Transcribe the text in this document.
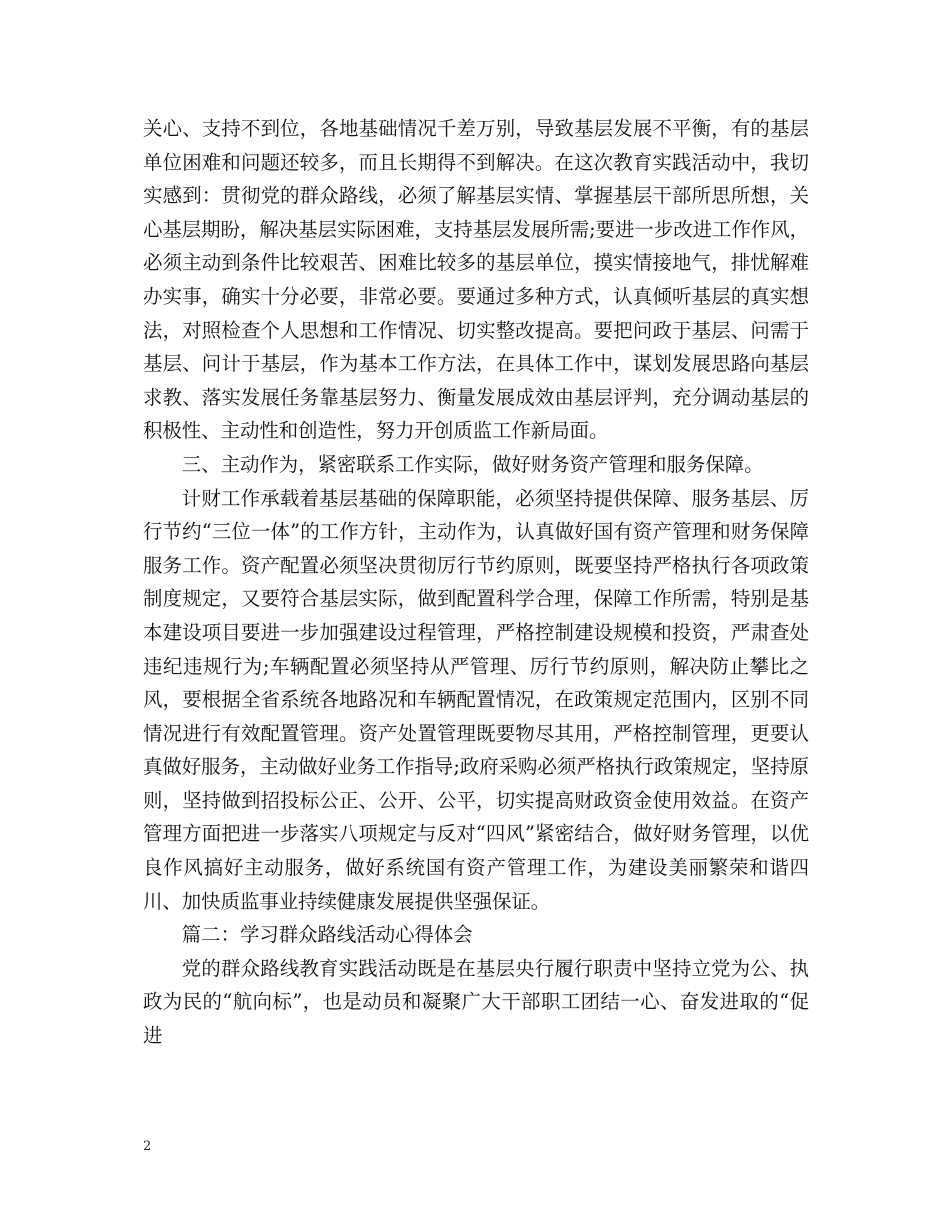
关心、支持不到位，各地基础情况千差万别，导致基层发展不平衡，有的基层单位困难和问题还较多，而且长期得不到解决。在这次教育实践活动中，我切实感到：贯彻党的群众路线，必须了解基层实情、掌握基层干部所思所想，关心基层期盼，解决基层实际困难，支持基层发展所需;要进一步改进工作作风，必须主动到条件比较艰苦、困难比较多的基层单位，摸实情接地气，排忧解难办实事，确实十分必要，非常必要。要通过多种方式，认真倾听基层的真实想法，对照检查个人思想和工作情况、切实整改提高。要把问政于基层、问需于基层、问计于基层，作为基本工作方法，在具体工作中，谋划发展思路向基层求教、落实发展任务靠基层努力、衡量发展成效由基层评判，充分调动基层的积极性、主动性和创造性，努力开创质监工作新局面。

三、主动作为，紧密联系工作实际，做好财务资产管理和服务保障。

计财工作承载着基层基础的保障职能，必须坚持提供保障、服务基层、厉行节约“三位一体”的工作方针，主动作为，认真做好国有资产管理和财务保障服务工作。资产配置必须坚决贯彻厉行节约原则，既要坚持严格执行各项政策制度规定，又要符合基层实际，做到配置科学合理，保障工作所需，特别是基本建设项目要进一步加强建设过程管理，严格控制建设规模和投资，严肃查处违纪违规行为;车辆配置必须坚持从严管理、厉行节约原则，解决防止攀比之风，要根据全省系统各地路况和车辆配置情况，在政策规定范围内，区别不同情况进行有效配置管理。资产处置管理既要物尽其用，严格控制管理，更要认真做好服务，主动做好业务工作指导;政府采购必须严格执行政策规定，坚持原则，坚持做到招投标公正、公开、公平，切实提高财政资金使用效益。在资产管理方面把进一步落实八项规定与反对“四风”紧密结合，做好财务管理，以优良作风搞好主动服务，做好系统国有资产管理工作，为建设美丽繁荣和谐四川、加快质监事业持续健康发展提供坚强保证。

篇二：学习群众路线活动心得体会

党的群众路线教育实践活动既是在基层央行履行职责中坚持立党为公、执政为民的“航向标”，也是动员和凝聚广大干部职工团结一心、奋发进取的“促进

2
